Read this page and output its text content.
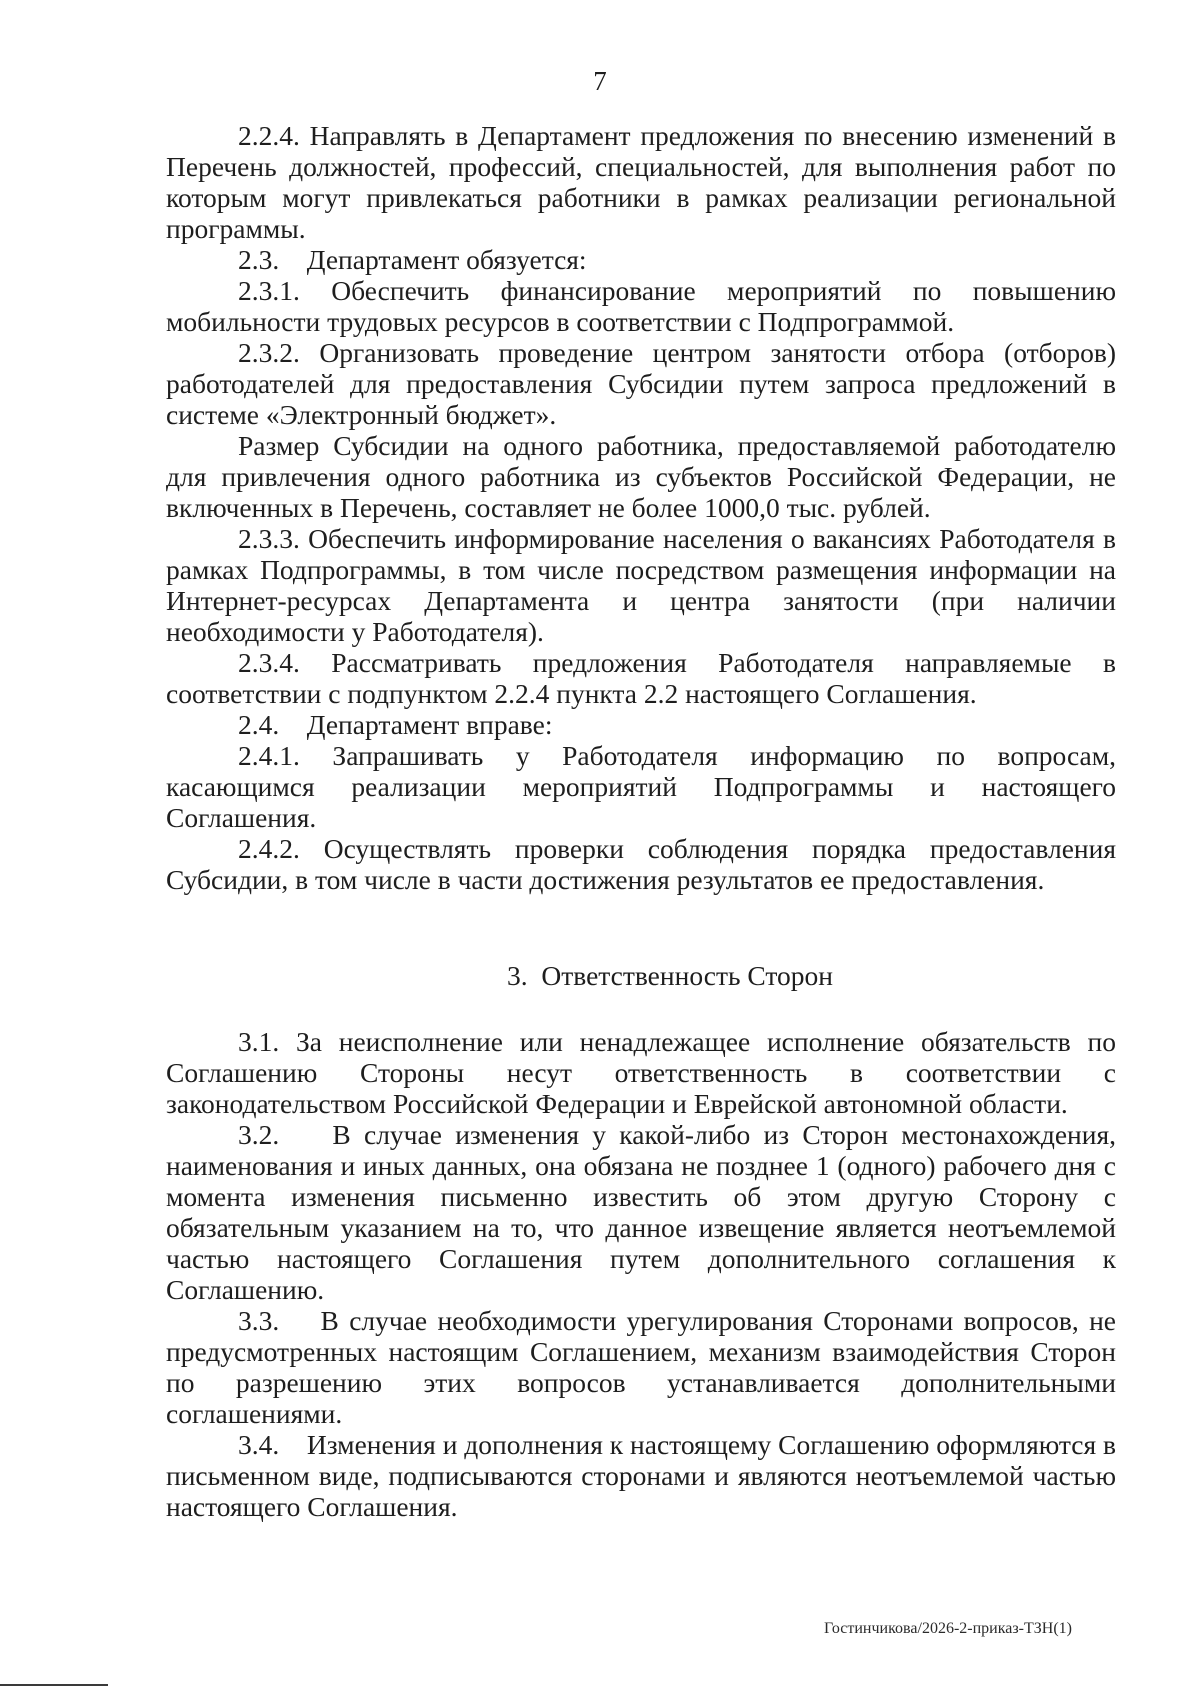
7

2.2.4. Направлять в Департамент предложения по внесению изменений в Перечень должностей, профессий, специальностей, для выполнения работ по которым могут привлекаться работники в рамках реализации региональной программы.

2.3.    Департамент обязуется:

2.3.1. Обеспечить финансирование мероприятий по повышению мобильности трудовых ресурсов в соответствии с Подпрограммой.

2.3.2. Организовать проведение центром занятости отбора (отборов) работодателей для предоставления Субсидии путем запроса предложений в системе «Электронный бюджет».

Размер Субсидии на одного работника, предоставляемой работодателю для привлечения одного работника из субъектов Российской Федерации, не включенных в Перечень, составляет не более 1000,0 тыс. рублей.

2.3.3. Обеспечить информирование населения о вакансиях Работодателя в рамках Подпрограммы, в том числе посредством размещения информации на Интернет-ресурсах Департамента и центра занятости (при наличии необходимости у Работодателя).

2.3.4. Рассматривать предложения Работодателя направляемые в соответствии с подпунктом 2.2.4 пункта 2.2 настоящего Соглашения.

2.4.    Департамент вправе:

2.4.1. Запрашивать у Работодателя информацию по вопросам, касающимся реализации мероприятий Подпрограммы и настоящего Соглашения.

2.4.2. Осуществлять проверки соблюдения порядка предоставления Субсидии, в том числе в части достижения результатов ее предоставления.

3.  Ответственность Сторон

3.1. За неисполнение или ненадлежащее исполнение обязательств по Соглашению Стороны несут ответственность в соответствии с законодательством Российской Федерации и Еврейской автономной области.

3.2.    В случае изменения у какой-либо из Сторон местонахождения, наименования и иных данных, она обязана не позднее 1 (одного) рабочего дня с момента изменения письменно известить об этом другую Сторону с обязательным указанием на то, что данное извещение является неотъемлемой частью настоящего Соглашения путем дополнительного соглашения к Соглашению.

3.3.    В случае необходимости урегулирования Сторонами вопросов, не предусмотренных настоящим Соглашением, механизм взаимодействия Сторон по разрешению этих вопросов устанавливается дополнительными соглашениями.

3.4.    Изменения и дополнения к настоящему Соглашению оформляются в письменном виде, подписываются сторонами и являются неотъемлемой частью настоящего Соглашения.

Гостинчикова/2026-2-приказ-ТЗН(1)
